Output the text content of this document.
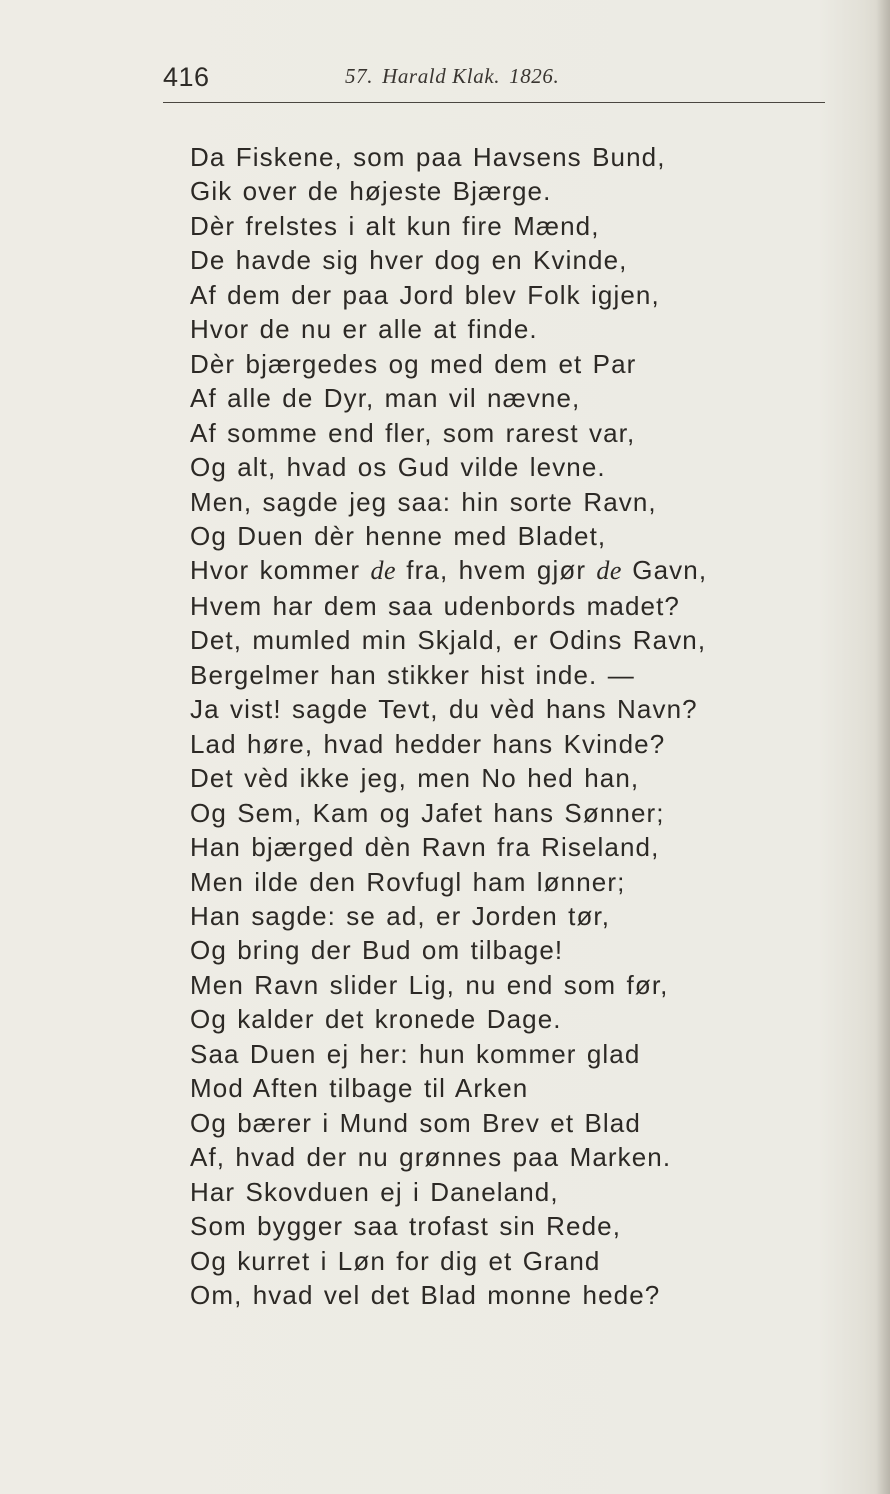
416	57. Harald Klak. 1826.
Da Fiskene, som paa Havsens Bund,
Gik over de højeste Bjærge.
Dèr frelstes i alt kun fire Mænd,
De havde sig hver dog en Kvinde,
Af dem der paa Jord blev Folk igjen,
Hvor de nu er alle at finde.
Dèr bjærgedes og med dem et Par
Af alle de Dyr, man vil nævne,
Af somme end fler, som rarest var,
Og alt, hvad os Gud vilde levne.
Men, sagde jeg saa: hin sorte Ravn,
Og Duen dèr henne med Bladet,
Hvor kommer de fra, hvem gjør de Gavn,
Hvem har dem saa udenbords madet?
Det, mumled min Skjald, er Odins Ravn,
Bergelmer han stikker hist inde. —
Ja vist! sagde Tevt, du vèd hans Navn?
Lad høre, hvad hedder hans Kvinde?
Det vèd ikke jeg, men No hed han,
Og Sem, Kam og Jafet hans Sønner;
Han bjærged dèn Ravn fra Riseland,
Men ilde den Rovfugl ham lønner;
Han sagde: se ad, er Jorden tør,
Og bring der Bud om tilbage!
Men Ravn slider Lig, nu end som før,
Og kalder det kronede Dage.
Saa Duen ej her: hun kommer glad
Mod Aften tilbage til Arken
Og bærer i Mund som Brev et Blad
Af, hvad der nu grønnes paa Marken.
Har Skovduen ej i Daneland,
Som bygger saa trofast sin Rede,
Og kurret i Løn for dig et Grand
Om, hvad vel det Blad monne hede?
